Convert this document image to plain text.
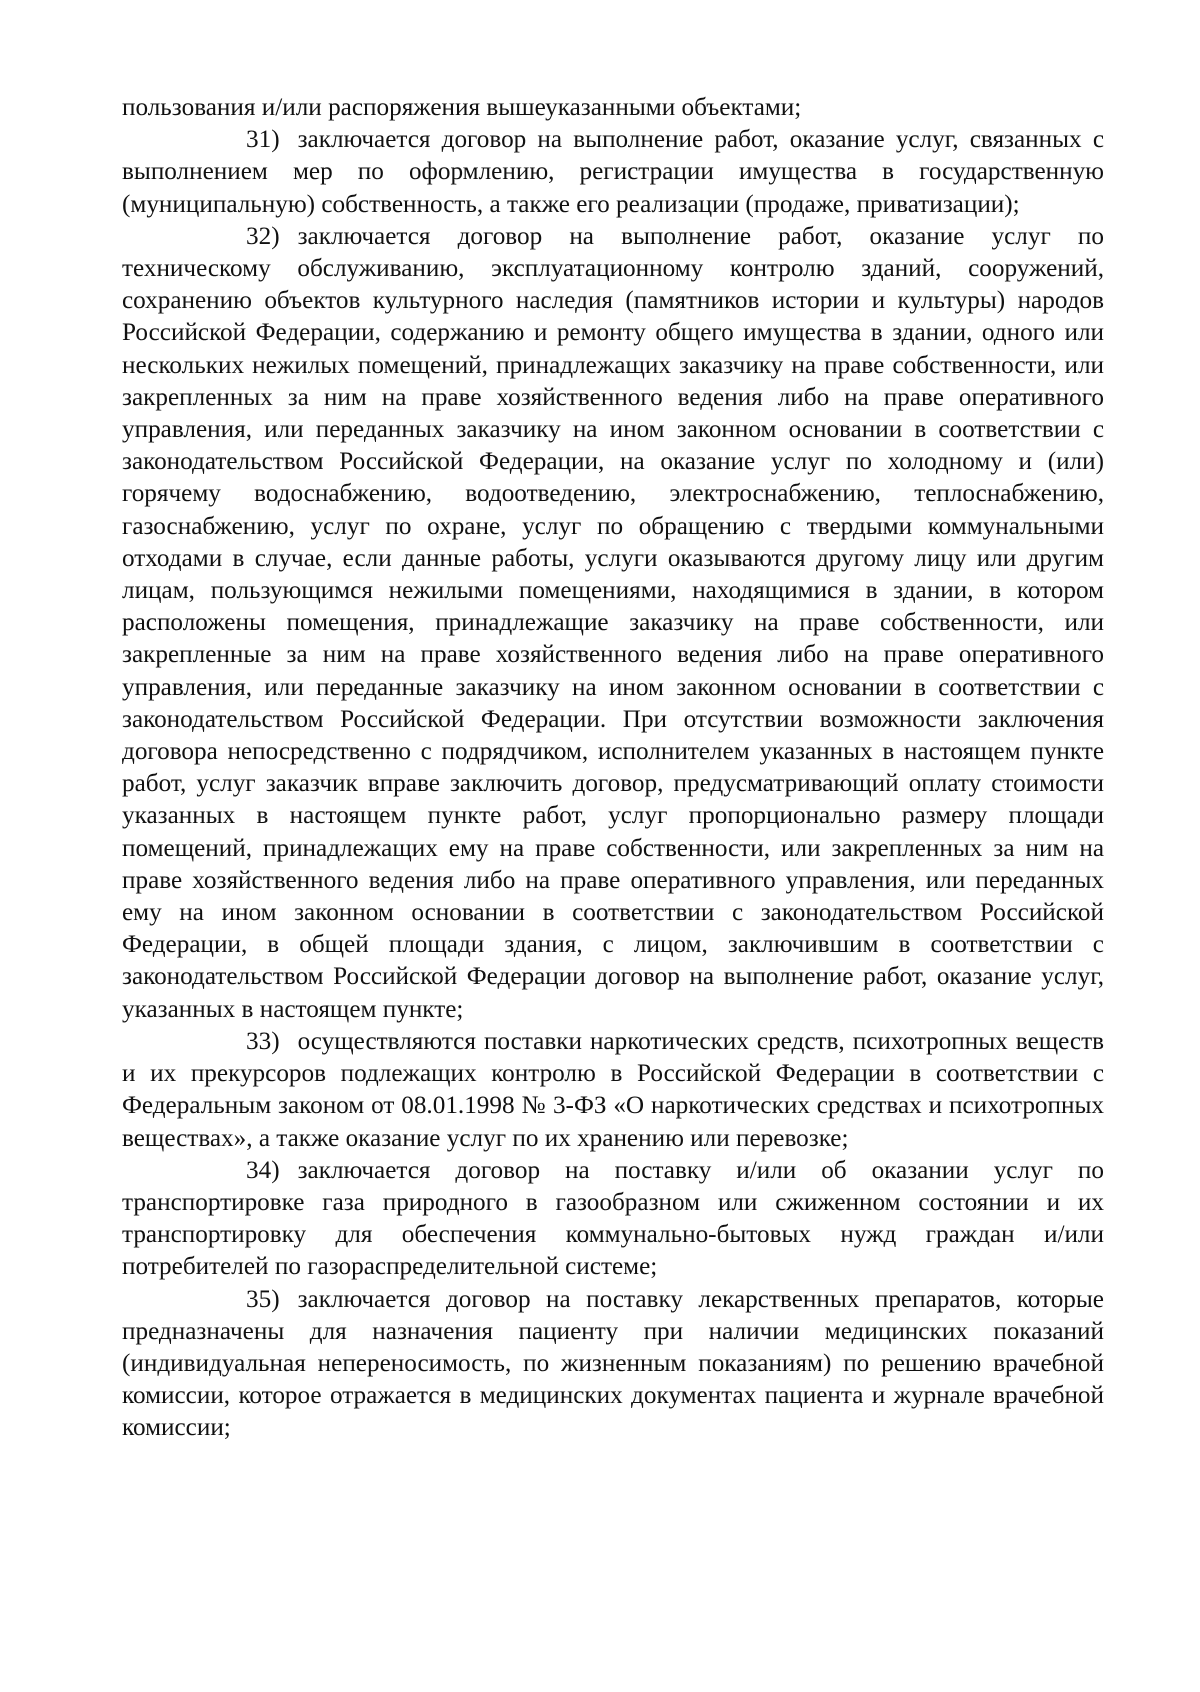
пользования и/или распоряжения вышеуказанными объектами;

31) заключается договор на выполнение работ, оказание услуг, связанных с выполнением мер по оформлению, регистрации имущества в государственную (муниципальную) собственность, а также его реализации (продаже, приватизации);

32) заключается договор на выполнение работ, оказание услуг по техническому обслуживанию, эксплуатационному контролю зданий, сооружений, сохранению объектов культурного наследия (памятников истории и культуры) народов Российской Федерации, содержанию и ремонту общего имущества в здании, одного или нескольких нежилых помещений, принадлежащих заказчику на праве собственности, или закрепленных за ним на праве хозяйственного ведения либо на праве оперативного управления, или переданных заказчику на ином законном основании в соответствии с законодательством Российской Федерации, на оказание услуг по холодному и (или) горячему водоснабжению, водоотведению, электроснабжению, теплоснабжению, газоснабжению, услуг по охране, услуг по обращению с твердыми коммунальными отходами в случае, если данные работы, услуги оказываются другому лицу или другим лицам, пользующимся нежилыми помещениями, находящимися в здании, в котором расположены помещения, принадлежащие заказчику на праве собственности, или закрепленные за ним на праве хозяйственного ведения либо на праве оперативного управления, или переданные заказчику на ином законном основании в соответствии с законодательством Российской Федерации. При отсутствии возможности заключения договора непосредственно с подрядчиком, исполнителем указанных в настоящем пункте работ, услуг заказчик вправе заключить договор, предусматривающий оплату стоимости указанных в настоящем пункте работ, услуг пропорционально размеру площади помещений, принадлежащих ему на праве собственности, или закрепленных за ним на праве хозяйственного ведения либо на праве оперативного управления, или переданных ему на ином законном основании в соответствии с законодательством Российской Федерации, в общей площади здания, с лицом, заключившим в соответствии с законодательством Российской Федерации договор на выполнение работ, оказание услуг, указанных в настоящем пункте;

33) осуществляются поставки наркотических средств, психотропных веществ и их прекурсоров подлежащих контролю в Российской Федерации в соответствии с Федеральным законом от 08.01.1998 № 3-ФЗ «О наркотических средствах и психотропных веществах», а также оказание услуг по их хранению или перевозке;

34) заключается договор на поставку и/или об оказании услуг по транспортировке газа природного в газообразном или сжиженном состоянии и их транспортировку для обеспечения коммунально-бытовых нужд граждан и/или потребителей по газораспределительной системе;

35) заключается договор на поставку лекарственных препаратов, которые предназначены для назначения пациенту при наличии медицинских показаний (индивидуальная непереносимость, по жизненным показаниям) по решению врачебной комиссии, которое отражается в медицинских документах пациента и журнале врачебной комиссии;
